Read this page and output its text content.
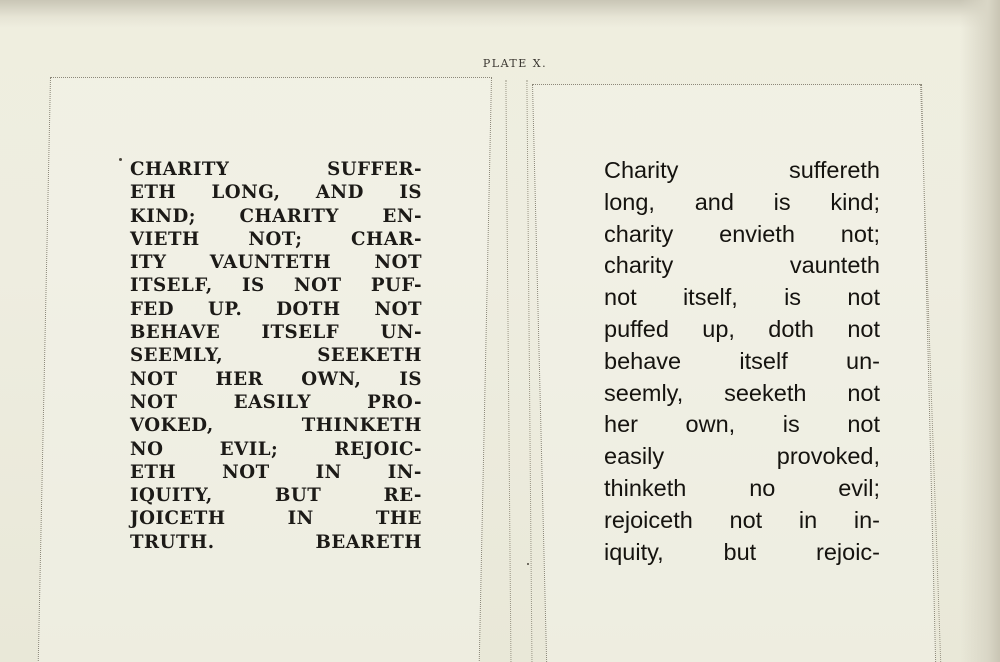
PLATE X.
CHARITY SUFFER-
ETH LONG, AND IS
KIND; CHARITY EN-
VIETH NOT; CHAR-
ITY VAUNTETH NOT
ITSELF, IS NOT PUF-
FED UP. DOTH NOT
BEHAVE ITSELF UN-
SEEMLY, SEEKETH
NOT HER OWN, IS
NOT EASILY PRO-
VOKED, THINKETH
NO EVIL; REJOIC-
ETH NOT IN IN-
IQUITY, BUT RE-
JOICETH IN THE
TRUTH. BEARETH
Charity suffereth
long, and is kind;
charity envieth not;
charity vaunteth
not itself, is not
puffed up, doth not
behave itself un-
seemly, seeketh not
her own, is not
easily provoked,
thinketh no evil;
rejoiceth not in in-
iquity, but rejoic-
